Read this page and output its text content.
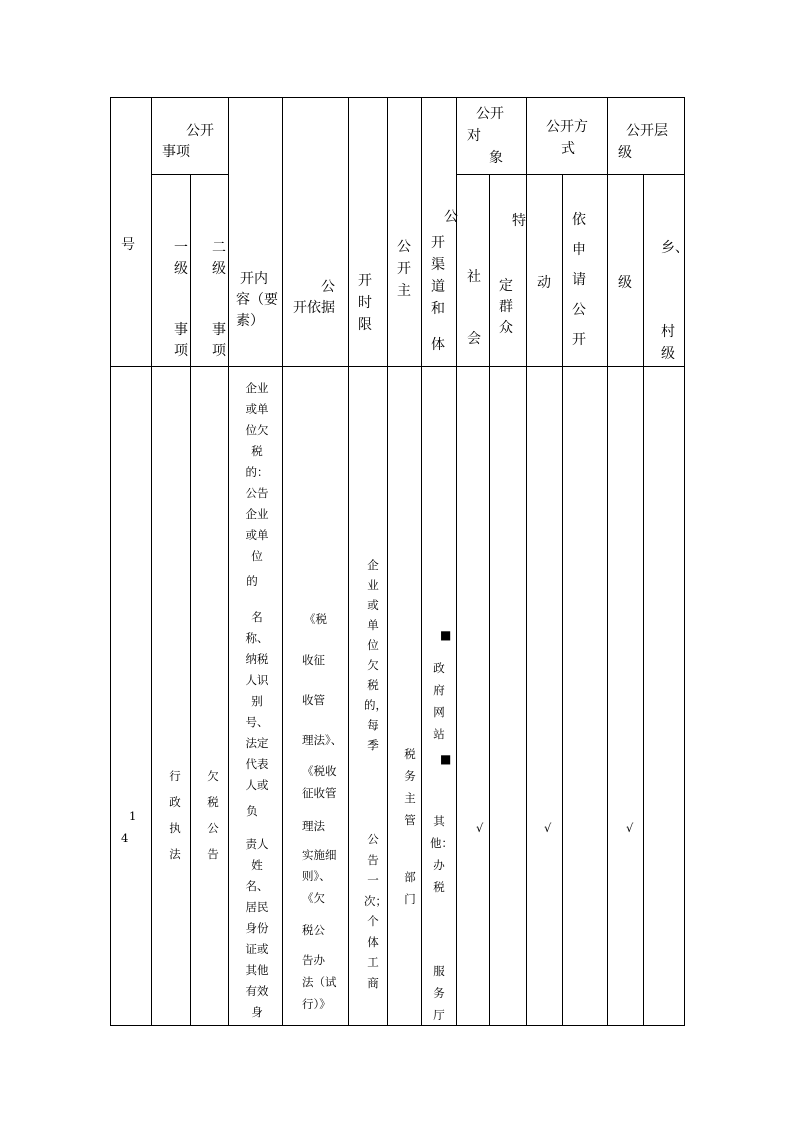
号
公开
事项
一级
事项
二级
事项
开内
容（要
素）
公
开依据
开时限
公开主
公
开渠道和
体
公开
对
象
社会
特
定群众
公开方
式
动
依申请公开
公开层
级
级
乡、
村级
1
4
行政执法
欠税公告
企业或单位欠税的：公告企业或单位
的
名称、纳税人识别号、法定代表人或
负
责人姓名、居民身份证或其他有效身
《税
收征
收管
理法》、
《税收
征收管
理法
实施细
则》、
《欠
税公
告办
法（试
行）》
企业或单位欠税的，每季
公告一次；个体工商
税务主管
部门
■
政府网站
■
其他：办税
服务厅
√	√	√
